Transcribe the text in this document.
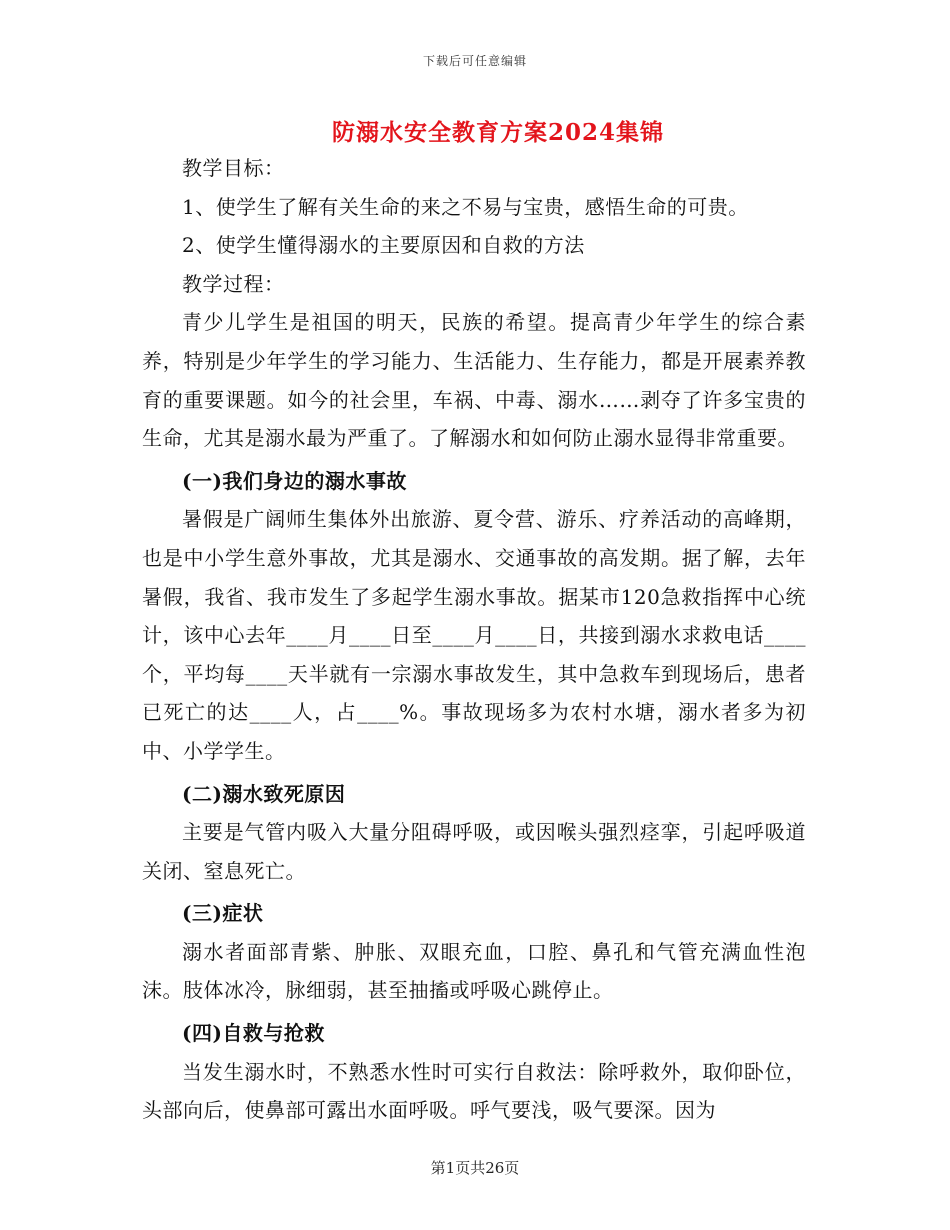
下载后可任意编辑
防溺水安全教育方案2024集锦

教学目标：

1、使学生了解有关生命的来之不易与宝贵，感悟生命的可贵。

2、使学生懂得溺水的主要原因和自救的方法

教学过程：

青少儿学生是祖国的明天，民族的希望。提高青少年学生的综合素养，特别是少年学生的学习能力、生活能力、生存能力，都是开展素养教育的重要课题。如今的社会里，车祸、中毒、溺水……剥夺了许多宝贵的生命，尤其是溺水最为严重了。了解溺水和如何防止溺水显得非常重要。

(一)我们身边的溺水事故

暑假是广阔师生集体外出旅游、夏令营、游乐、疗养活动的高峰期，也是中小学生意外事故，尤其是溺水、交通事故的高发期。据了解，去年暑假，我省、我市发生了多起学生溺水事故。据某市120急救指挥中心统计，该中心去年____月____日至____月____日，共接到溺水求救电话____个，平均每____天半就有一宗溺水事故发生，其中急救车到现场后，患者已死亡的达____人，占____%。事故现场多为农村水塘，溺水者多为初中、小学学生。

(二)溺水致死原因

主要是气管内吸入大量分阻碍呼吸，或因喉头强烈痉挛，引起呼吸道关闭、窒息死亡。

(三)症状

溺水者面部青紫、肿胀、双眼充血，口腔、鼻孔和气管充满血性泡沫。肢体冰冷，脉细弱，甚至抽搐或呼吸心跳停止。

(四)自救与抢救

当发生溺水时，不熟悉水性时可实行自救法：除呼救外，取仰卧位，头部向后，使鼻部可露出水面呼吸。呼气要浅，吸气要深。因为

第1页共26页
